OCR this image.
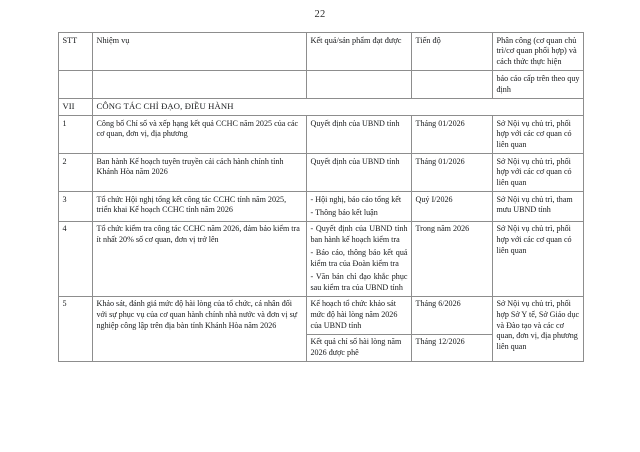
22
STT	Nhiệm vụ	Kết quả/sản phẩm đạt được	Tiến độ	Phân công (cơ quan chủ trì/cơ quan phối hợp) và cách thức thực hiện
				báo cáo cấp trên theo quy định
VII	CÔNG TÁC CHỈ ĐẠO, ĐIỀU HÀNH			
1	Công bố Chỉ số và xếp hạng kết quả CCHC năm 2025 của các cơ quan, đơn vị, địa phương	Quyết định của UBND tỉnh	Tháng 01/2026	Sở Nội vụ chủ trì, phối hợp với các cơ quan có liên quan
2	Ban hành Kế hoạch tuyên truyền cải cách hành chính tỉnh Khánh Hòa năm 2026	Quyết định của UBND tỉnh	Tháng 01/2026	Sở Nội vụ chủ trì, phối hợp với các cơ quan có liên quan
3	Tổ chức Hội nghị tổng kết công tác CCHC tỉnh năm 2025, triển khai Kế hoạch CCHC tỉnh năm 2026	- Hội nghị, báo cáo tổng kết

- Thông báo kết luận	Quý I/2026	Sở Nội vụ chủ trì, tham mưu UBND tỉnh
4	Tổ chức kiểm tra công tác CCHC năm 2026, đảm bảo kiểm tra ít nhất 20% số cơ quan, đơn vị trở lên	- Quyết định của UBND tỉnh ban hành kế hoạch kiểm tra

- Báo cáo, thông báo kết quả kiểm tra của Đoàn kiểm tra

- Văn bản chỉ đạo khắc phục sau kiểm tra của UBND tỉnh	Trong năm 2026	Sở Nội vụ chủ trì, phối hợp với các cơ quan có liên quan
5	Khảo sát, đánh giá mức độ hài lòng của tổ chức, cá nhân đối với sự phục vụ của cơ quan hành chính nhà nước và đơn vị sự nghiệp công lập trên địa bàn tỉnh Khánh Hòa năm 2026	Kế hoạch tổ chức khảo sát mức độ hài lòng năm 2026 của UBND tỉnh	Tháng 6/2026	Sở Nội vụ chủ trì, phối hợp Sở Y tế, Sở Giáo dục và Đào tạo và các cơ quan, đơn vị, địa phương liên quan
		Kết quả chỉ số hài lòng năm 2026 được phê	Tháng 12/2026	
